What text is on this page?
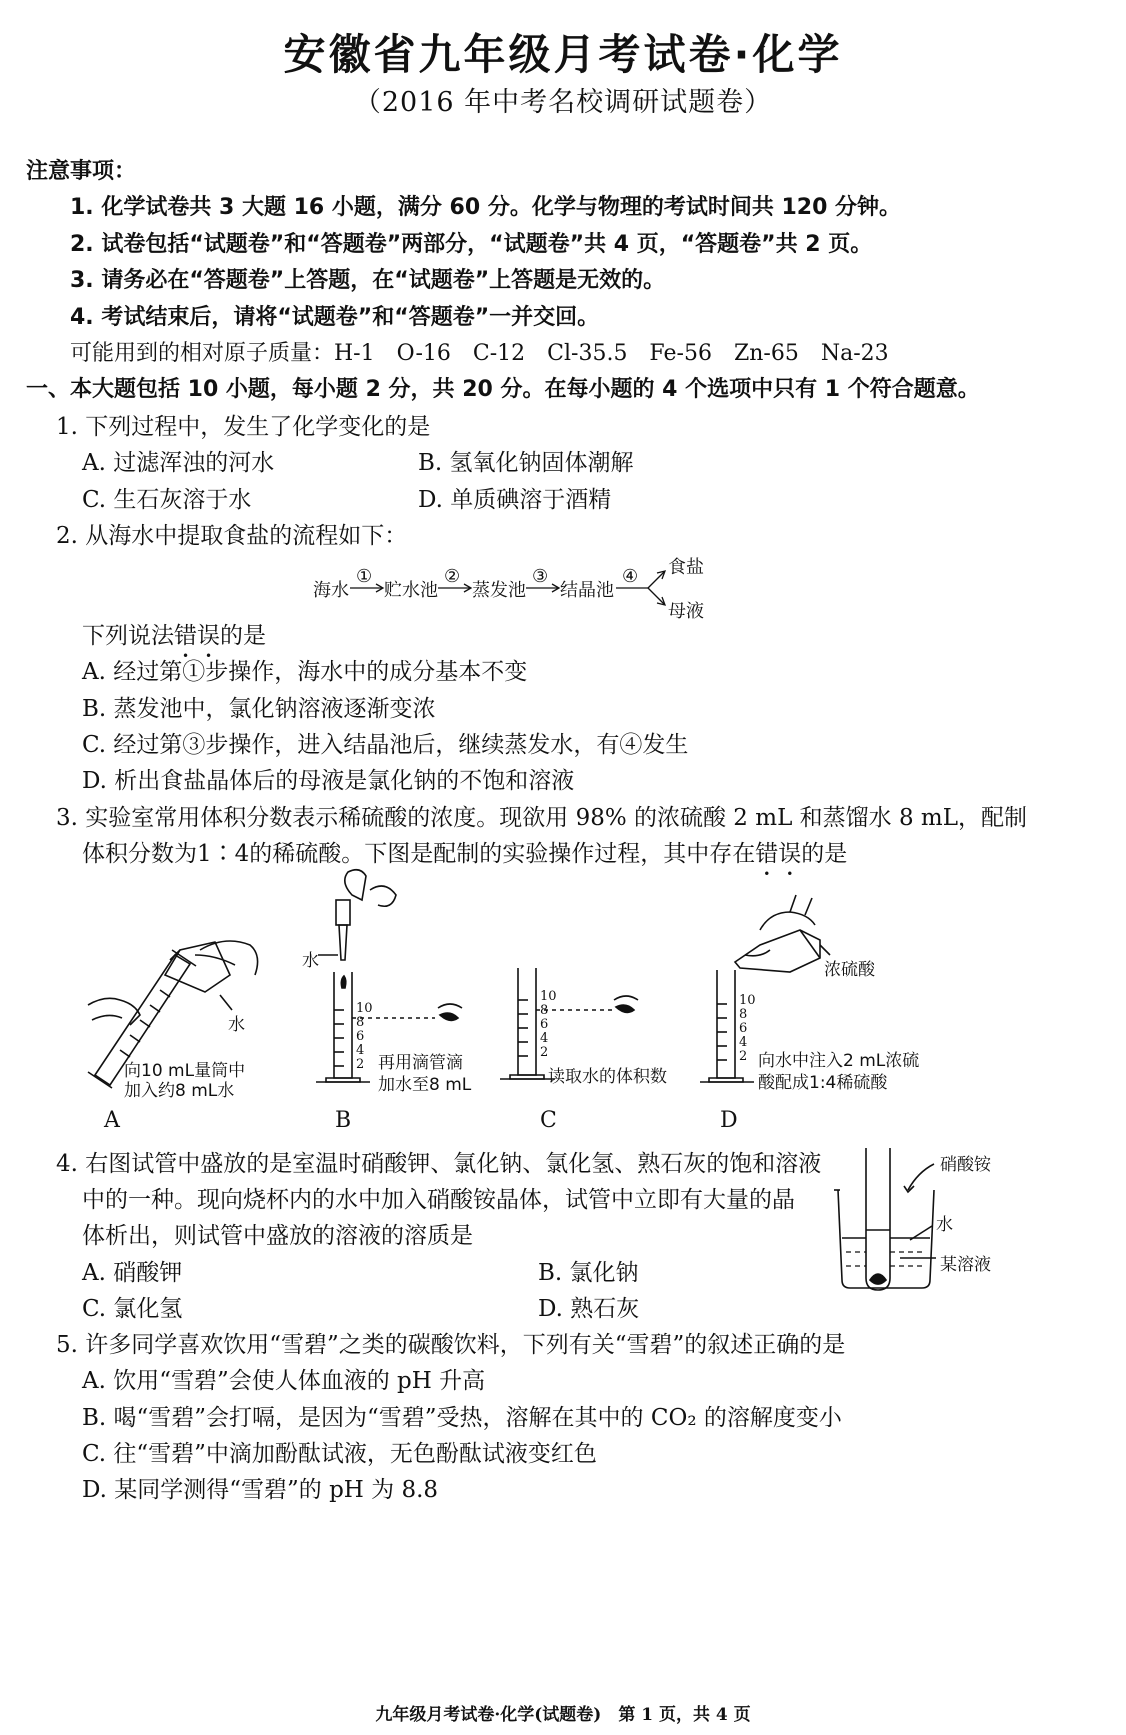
安徽省九年级月考试卷·化学
（2016 年中考名校调研试题卷）
注意事项：
1. 化学试卷共 3 大题 16 小题，满分 60 分。化学与物理的考试时间共 120 分钟。
2. 试卷包括“试题卷”和“答题卷”两部分，“试题卷”共 4 页，“答题卷”共 2 页。
3. 请务必在“答题卷”上答题，在“试题卷”上答题是无效的。
4. 考试结束后，请将“试题卷”和“答题卷”一并交回。
可能用到的相对原子质量：H-1　O-16　C-12　Cl-35.5　Fe-56　Zn-65　Na-23
一、本大题包括 10 小题，每小题 2 分，共 20 分。在每小题的 4 个选项中只有 1 个符合题意。
1. 下列过程中，发生了化学变化的是
A. 过滤浑浊的河水	B. 氢氧化钠固体潮解
C. 生石灰溶于水	D. 单质碘溶于酒精
2. 从海水中提取食盐的流程如下：
海水
①
贮水池
②
蒸发池
③
结晶池
④ 食盐
母液
下列说法错误的是
A. 经过第①步操作，海水中的成分基本不变
B. 蒸发池中，氯化钠溶液逐渐变浓
C. 经过第③步操作，进入结晶池后，继续蒸发水，有④发生
D. 析出食盐晶体后的母液是氯化钠的不饱和溶液
3. 实验室常用体积分数表示稀硫酸的浓度。现欲用 98% 的浓硫酸 2 mL 和蒸馏水 8 mL，配制
体积分数为1∶4的稀硫酸。下图是配制的实验操作过程，其中存在错误的是
水
向10 mL量筒中
加入约8 mL水
A
水
10
8
6
4
2 再用滴管滴
加水至8 mL
B
10
8
6
4
2
读取水的体积数
C
浓硫酸
10
8
6
4
2 向水中注入2 mL浓硫
酸配成1:4稀硫酸
D
4. 右图试管中盛放的是室温时硝酸钾、氯化钠、氯化氢、熟石灰的饱和溶液
中的一种。现向烧杯内的水中加入硝酸铵晶体，试管中立即有大量的晶
体析出，则试管中盛放的溶液的溶质是
A. 硝酸钾	B. 氯化钠
C. 氯化氢	D. 熟石灰
硝酸铵
水
某溶液
5. 许多同学喜欢饮用“雪碧”之类的碳酸饮料，下列有关“雪碧”的叙述正确的是
A. 饮用“雪碧”会使人体血液的 pH 升高
B. 喝“雪碧”会打嗝，是因为“雪碧”受热，溶解在其中的 CO₂ 的溶解度变小
C. 往“雪碧”中滴加酚酞试液，无色酚酞试液变红色
D. 某同学测得“雪碧”的 pH 为 8.8
九年级月考试卷·化学(试题卷)　第 1 页，共 4 页
